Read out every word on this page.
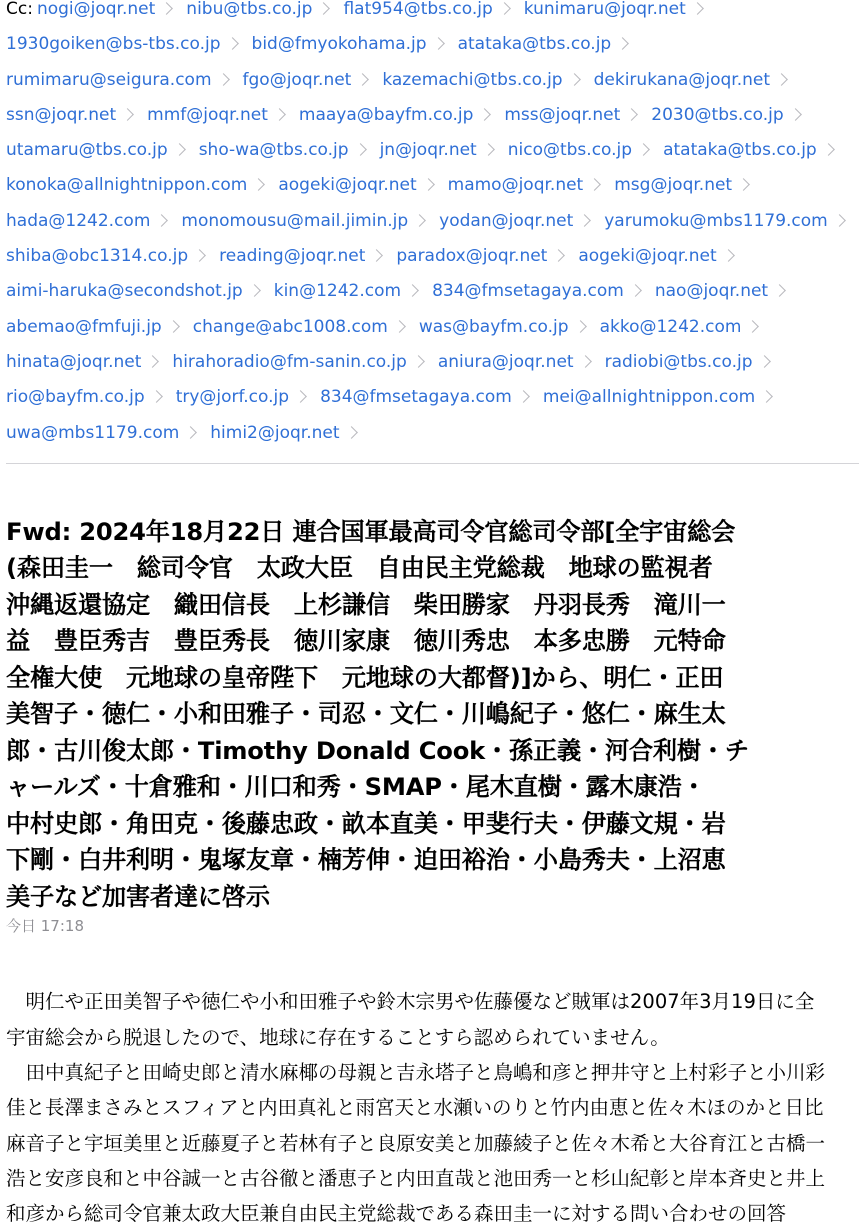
Cc: nogi@joqr.net nibu@tbs.co.jp flat954@tbs.co.jp kunimaru@joqr.net
1930goiken@bs-tbs.co.jp bid@fmyokohama.jp atataka@tbs.co.jp
rumimaru@seigura.com fgo@joqr.net kazemachi@tbs.co.jp dekirukana@joqr.net
ssn@joqr.net mmf@joqr.net maaya@bayfm.co.jp mss@joqr.net 2030@tbs.co.jp
utamaru@tbs.co.jp sho-wa@tbs.co.jp jn@joqr.net nico@tbs.co.jp atataka@tbs.co.jp
konoka@allnightnippon.com aogeki@joqr.net mamo@joqr.net msg@joqr.net
hada@1242.com monomousu@mail.jimin.jp yodan@joqr.net yarumoku@mbs1179.com
shiba@obc1314.co.jp reading@joqr.net paradox@joqr.net aogeki@joqr.net
aimi-haruka@secondshot.jp kin@1242.com 834@fmsetagaya.com nao@joqr.net
abemao@fmfuji.jp change@abc1008.com was@bayfm.co.jp akko@1242.com
hinata@joqr.net hirahoradio@fm-sanin.co.jp aniura@joqr.net radiobi@tbs.co.jp
rio@bayfm.co.jp try@jorf.co.jp 834@fmsetagaya.com mei@allnightnippon.com
uwa@mbs1179.com himi2@joqr.net
Fwd: 2024年18月22日 連合国軍最高司令官総司令部[全宇宙総会
(森田圭一　総司令官　太政大臣　自由民主党総裁　地球の監視者
沖縄返還協定　織田信長　上杉謙信　柴田勝家　丹羽長秀　滝川一
益　豊臣秀吉　豊臣秀長　徳川家康　徳川秀忠　本多忠勝　元特命
全権大使　元地球の皇帝陛下　元地球の大都督)]から、明仁・正田
美智子・徳仁・小和田雅子・司忍・文仁・川嶋紀子・悠仁・麻生太
郎・古川俊太郎・Timothy Donald Cook・孫正義・河合利樹・チ
ャールズ・十倉雅和・川口和秀・SMAP・尾木直樹・露木康浩・
中村史郎・角田克・後藤忠政・畝本直美・甲斐行夫・伊藤文規・岩
下剛・白井利明・鬼塚友章・楠芳伸・迫田裕治・小島秀夫・上沼恵
美子など加害者達に啓示
今日 17:18
　明仁や正田美智子や徳仁や小和田雅子や鈴木宗男や佐藤優など賊軍は2007年3月19日に全
宇宙総会から脱退したので、地球に存在することすら認められていません。
　田中真紀子と田崎史郎と清水麻椰の母親と吉永塔子と鳥嶋和彦と押井守と上村彩子と小川彩
佳と長澤まさみとスフィアと内田真礼と雨宮天と水瀬いのりと竹内由恵と佐々木ほのかと日比
麻音子と宇垣美里と近藤夏子と若林有子と良原安美と加藤綾子と佐々木希と大谷育江と古橋一
浩と安彦良和と中谷誠一と古谷徹と潘恵子と内田直哉と池田秀一と杉山紀彰と岸本斉史と井上
和彦から総司令官兼太政大臣兼自由民主党総裁である森田圭一に対する問い合わせの回答
